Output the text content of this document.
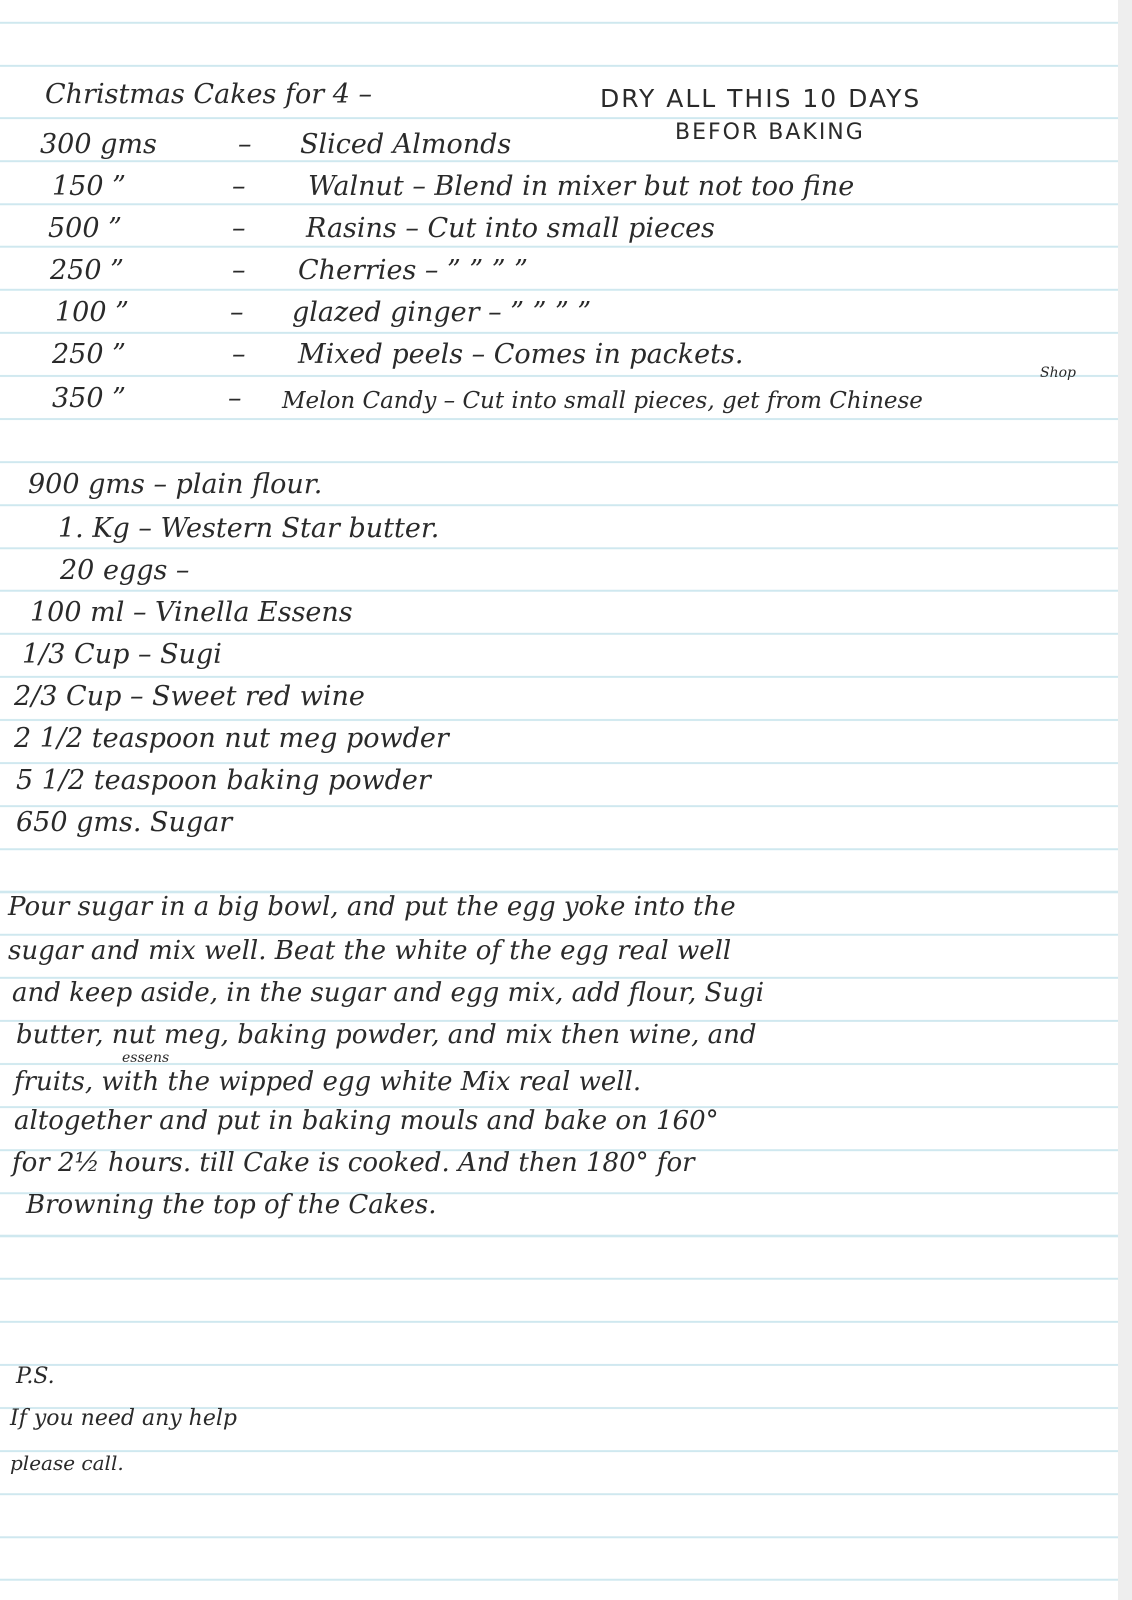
Christmas Cakes for 4 –	DRY ALL THIS 10 DAYS
BEFOR BAKING
300 gms	– Sliced Almonds
150 ”	– Walnut – Blend in mixer but not too fine
500 ”	– Rasins – Cut into small pieces
250 ”	– Cherries – ” ” ” ”
100 ”	– glazed ginger – ” ” ” ”
250 ”	– Mixed peels – Comes in packets.
350 ”	– Melon Candy – Cut into small pieces, get from Chinese
Shop
900 gms – plain flour.
1. Kg – Western Star butter.
20 eggs –
100 ml – Vinella Essens
1/3 Cup – Sugi
2/3 Cup – Sweet red wine
2 1/2 teaspoon nut meg powder
5 1/2 teaspoon baking powder
650 gms. Sugar
Pour sugar in a big bowl, and put the egg yoke into the
sugar and mix well. Beat the white of the egg real well
and keep aside, in the sugar and egg mix, add flour, Sugi
butter, nut meg, baking powder, and mix then wine, and
essens
fruits, with the wipped egg white Mix real well.
altogether and put in baking mouls and bake on 160°
for 2½ hours. till Cake is cooked. And then 180° for
Browning the top of the Cakes.
P.S.
If you need any help
please call.
